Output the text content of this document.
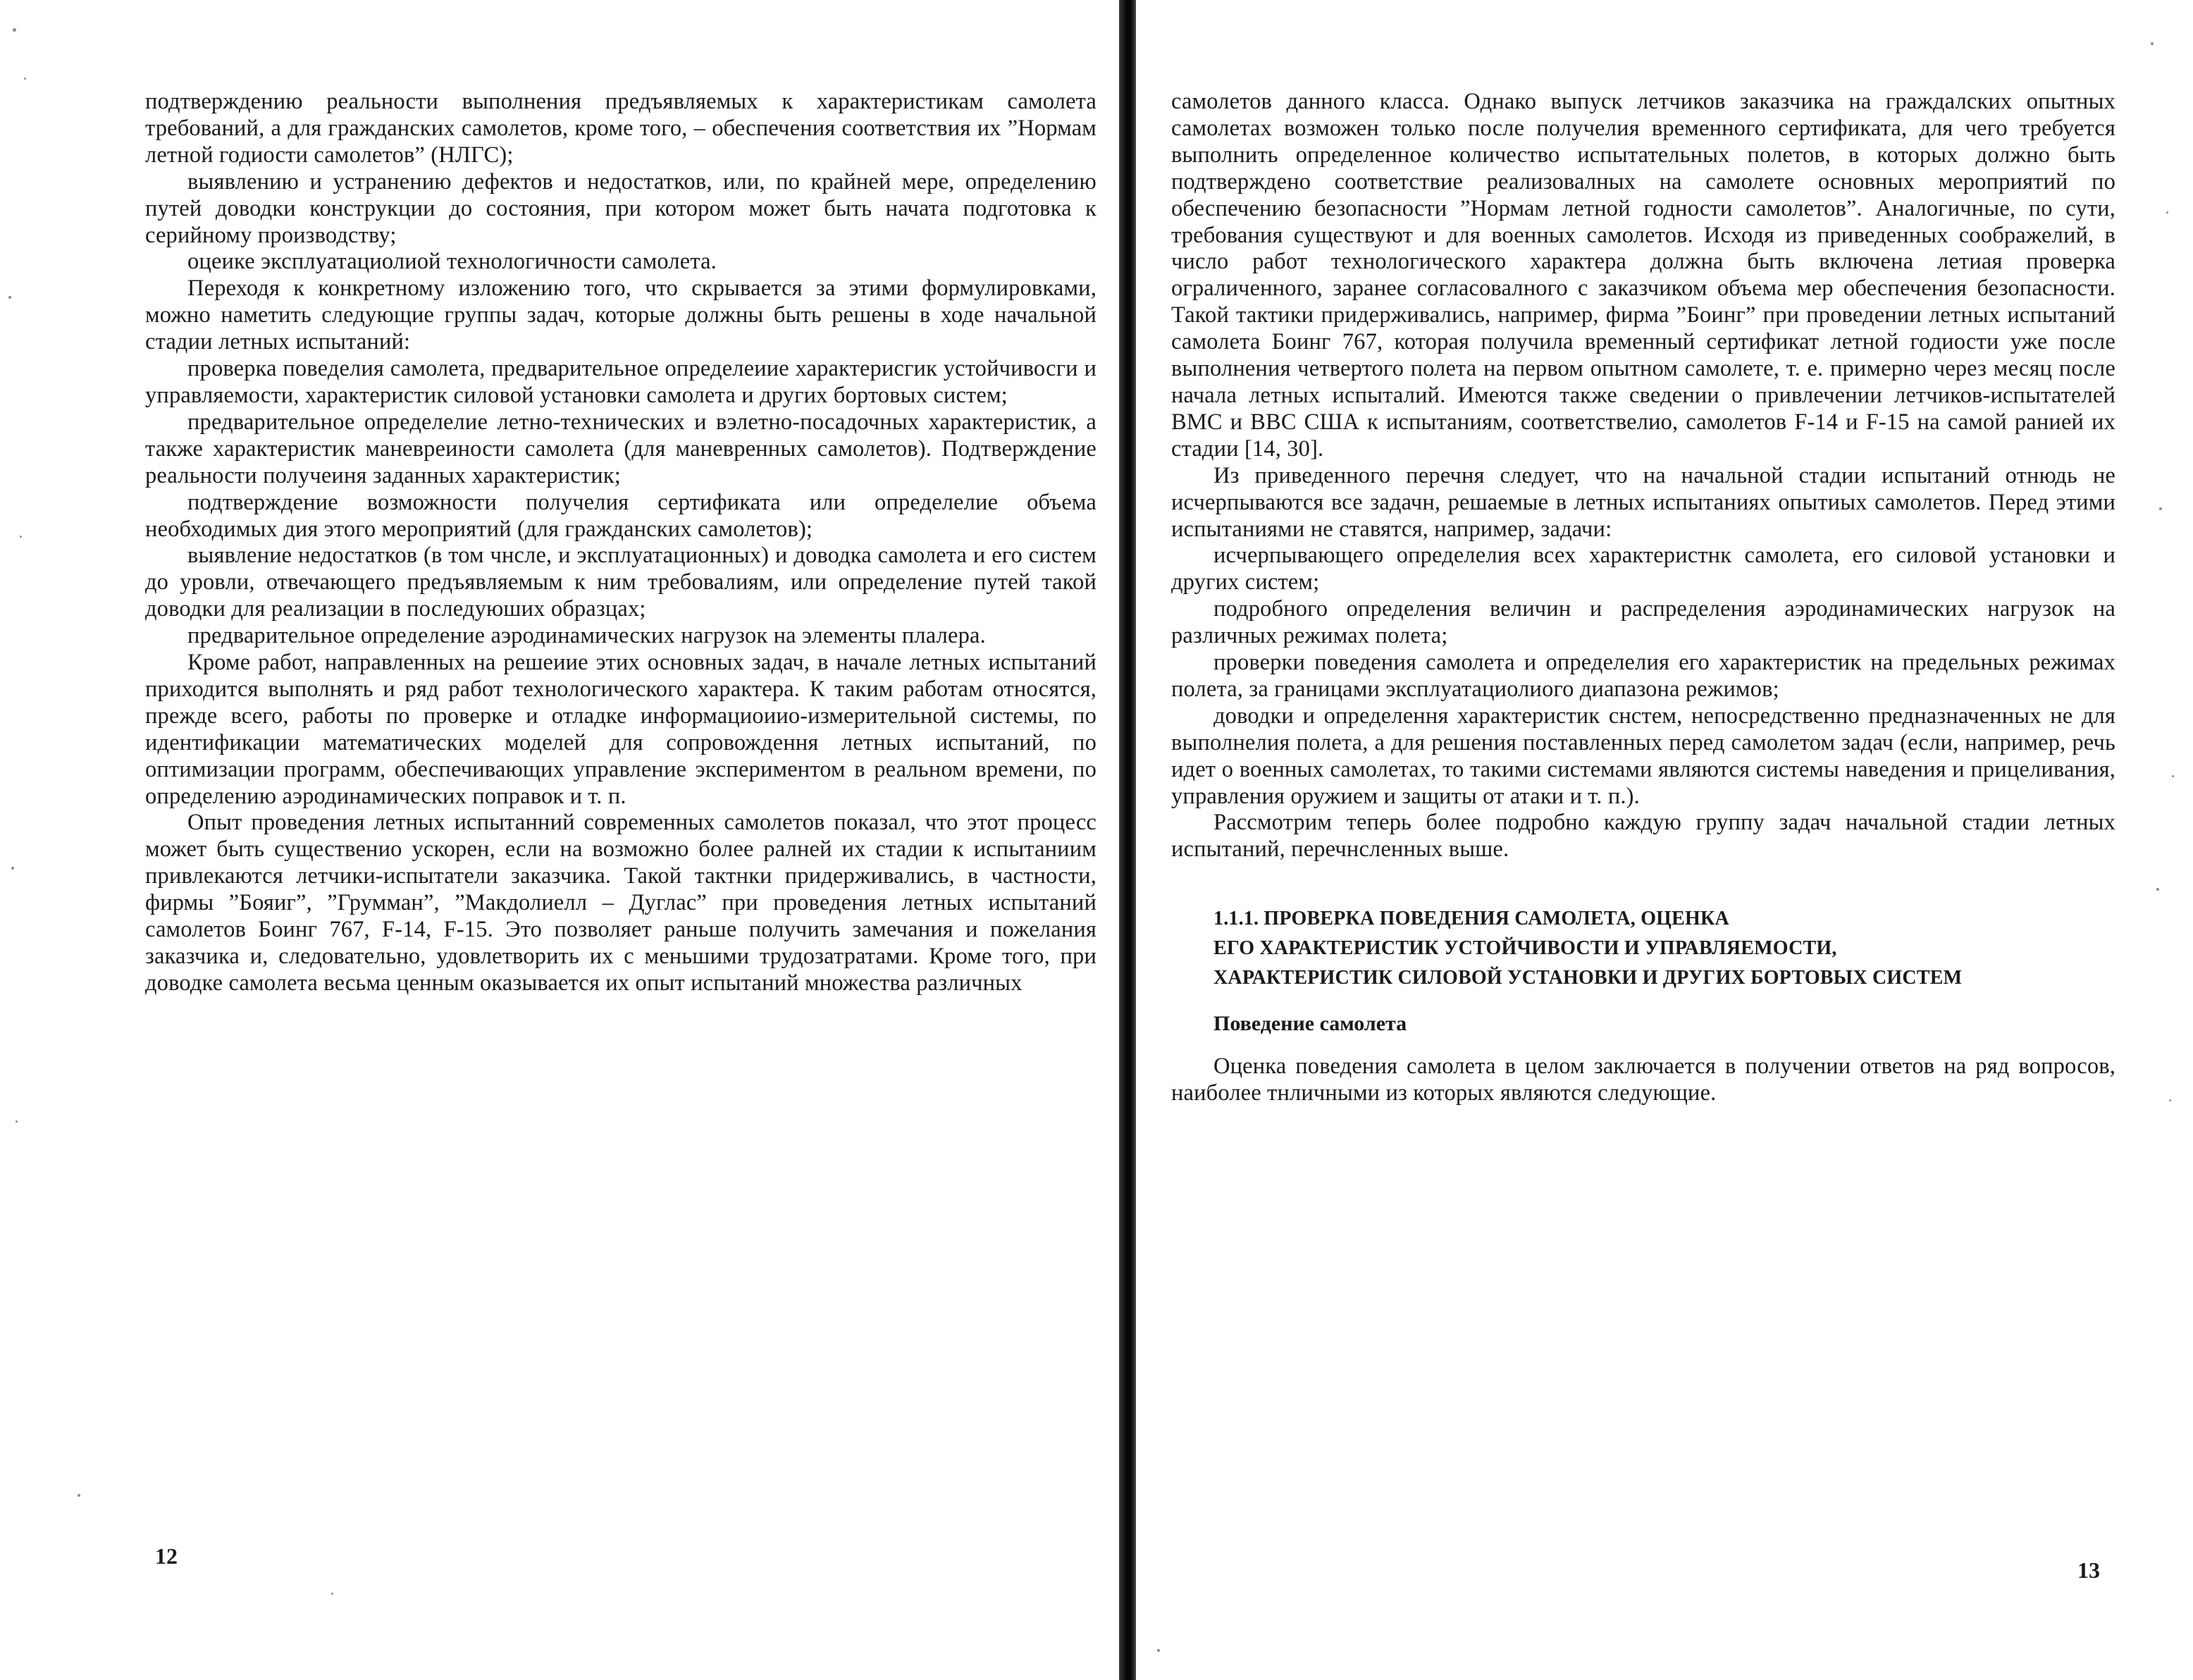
подтверждению реальности выполнения предъявляемых к характеристикам самолета требований, а для гражданских самолетов, кроме того, – обеспечения соответствия их ”Нормам летной годиости самолетов” (НЛГС);

выявлению и устранению дефектов и недостатков, или, по крайней мере, определению путей доводки конструкции до состояния, при котором может быть начата подготовка к серийному производству;

оцеике эксплуатациолиой технологичности самолета.

Переходя к конкретному изложению того, что скрывается за этими формулировками, можно наметить следующие группы задач, которые должны быть решены в ходе начальной стадии летных испытаний:

проверка поведелия самолета, предварительное определеиие характерисгик устойчивосги и управляемости, характеристик силовой установки самолета и других бортовых систем;

предварительное определелие летно-технических и вэлетно-посадочных характеристик, а также характеристик маневреиности самолета (для маневренных самолетов). Подтверждение реальности получеиня заданных характеристик;

подтверждение возможности получелия сертификата или определелие объема необходимых дия этого мероприятий (для гражданских самолетов);

выявление недостатков (в том чнсле, и эксплуатационных) и доводка самолета и его систем до уровли, отвечающего предъявляемым к ним требовалиям, или определение путей такой доводки для реализации в последуюших образцах;

предварительное определение аэродинамических нагрузок на элементы плалера.

Кроме работ, направленных на решеиие этих основных задач, в начале летных испытаний приходится выполнять и ряд работ технологического характера. К таким работам относятся, прежде всего, работы по проверке и отладке информациоиио-измерительной системы, по идентификации математических моделей для сопровождення летных испытаний, по оптимизации программ, обеспечивающих управление экспериментом в реальном времени, по определению аэродинамических поправок и т. п.

Опыт проведения летных испытанний современных самолетов показал, что этот процесс может быть существенио ускорен, если на возможно более ралней их стадии к испытаниим привлекаются летчики-испытатели заказчика. Такой тактнки придерживались, в частности, фирмы ”Бояиг”, ”Грумман”, ”Макдолиелл – Дуглас” при проведения летных испытаний самолетов Боинг 767, F-14, F-15. Это позволяет раньше получить замечания и пожелания заказчика и, следовательно, удовлетворить их с меньшими трудозатратами. Кроме того, при доводке самолета весьма ценным оказывается их опыт испытаний множества различных

12

самолетов данного класса. Однако выпуск летчиков заказчика на граждалских опытных самолетах возможен только после получелия временного сертификата, для чего требуется выполнить определенное количество испытательных полетов, в которых должно быть подтверждено соответствие реализовалных на самолете основных мероприятий по обеспечению безопасности ”Нормам летной годности самолетов”. Аналогичные, по сути, требования существуют и для военных самолетов. Исходя из приведенных соображелий, в число работ технологического характера должна быть включена летиая проверка ограличенного, заранее согласовалного с заказчиком объема мер обеспечения безопасности. Такой тактики придерживались, например, фирма ”Боинг” при проведении летных испытаний самолета Боинг 767, которая получила временный сертификат летной годиости уже после выполнения четвертого полета на первом опытном самолете, т. е. примерно через месяц после начала летных испыталий. Имеются также сведении о привлечении летчиков-испытателей ВМС и ВВС США к испытаниям, соответствелио, самолетов F-14 и F-15 на самой ранией их стадии [14, 30].

Из приведенного перечня следует, что на начальной стадии испытаний отнюдь не исчерпываются все задачн, решаемые в летных испытаниях опытиых самолетов. Перед этими испытаниями не ставятся, например, задачи:

исчерпывающего определелия всех характеристнк самолета, его силовой установки и других систем;

подробного определения величин и распределения аэродинамических нагрузок на различных режимах полета;

проверки поведения самолета и определелия его характеристик на предельных режимах полета, за границами эксплуатациолиого диапазона режимов;

доводки и определення характеристик снстем, непосредственно предназначенных не для выполнелия полета, а для решения поставленных перед самолетом задач (если, например, речь идет о военных самолетах, то такими системами являются системы наведения и прицеливания, управления оружием и защиты от атаки и т. п.).

Рассмотрим теперь более подробно каждую группу задач начальной стадии летных испытаний, перечнсленных выше.

1.1.1. ПРОВЕРКА ПОВЕДЕНИЯ САМОЛЕТА, ОЦЕНКА
ЕГО ХАРАКТЕРИСТИК УСТОЙЧИВОСТИ И УПРАВЛЯЕМОСТИ,
ХАРАКТЕРИСТИК СИЛОВОЙ УСТАНОВКИ И ДРУГИХ БОРТОВЫХ СИСТЕМ
Поведение самолета

Оценка поведения самолета в целом заключается в получении ответов на ряд вопросов, наиболее тнличными из которых являются следующие.

13
